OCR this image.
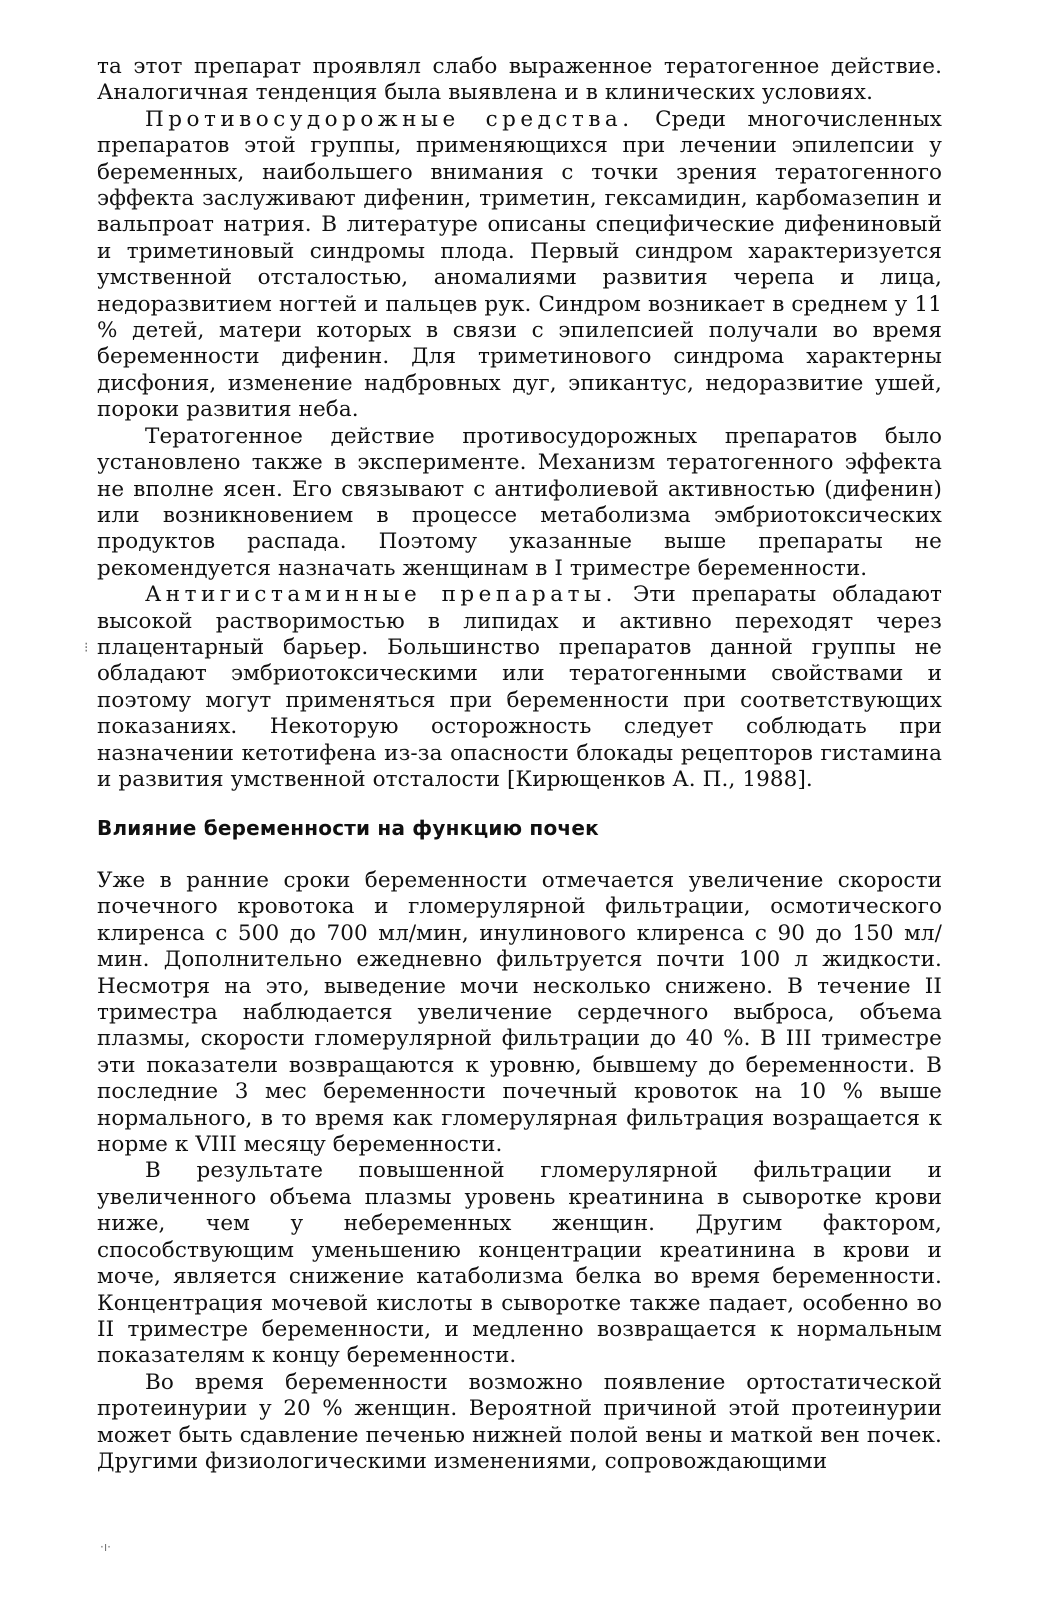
та этот препарат проявлял слабо выраженное тератогенное действие. Аналогичная тенденция была выявлена и в клинических условиях.

Противосудорожные средства. Среди многочисленных препаратов этой группы, применяющихся при лечении эпилепсии у беременных, наибольшего внимания с точки зрения тератогенного эффекта заслуживают дифенин, триметин, гексамидин, карбомазепин и вальпроат натрия. В литературе описаны специфические дифениновый и триметиновый синдромы плода. Первый синдром характеризуется умственной отсталостью, аномалиями развития черепа и лица, недоразвитием ногтей и пальцев рук. Синдром возникает в среднем у 11 % детей, матери которых в связи с эпилепсией получали во время беременности дифенин. Для триметинового синдрома характерны дисфония, изменение надбровных дуг, эпикантус, недоразвитие ушей, пороки развития неба.

Тератогенное действие противосудорожных препаратов было установлено также в эксперименте. Механизм тератогенного эффекта не вполне ясен. Его связывают с антифолиевой активностью (дифенин) или возникновением в процессе метаболизма эмбриотоксических продуктов распада. Поэтому указанные выше препараты не рекомендуется назначать женщинам в I триместре беременности.

Антигистаминные препараты. Эти препараты обладают высокой растворимостью в липидах и активно переходят через плацентарный барьер. Большинство препаратов данной группы не обладают эмбриотоксическими или тератогенными свойствами и поэтому могут применяться при беременности при соответствующих показаниях. Некоторую осторожность следует соблюдать при назначении кетотифена из-за опасности блокады рецепторов гистамина и развития умственной отсталости [Кирющенков А. П., 1988].

Влияние беременности на функцию почек

Уже в ранние сроки беременности отмечается увеличение скорости почечного кровотока и гломерулярной фильтрации, осмотического клиренса с 500 до 700 мл/мин, инулинового клиренса с 90 до 150 мл/мин. Дополнительно ежедневно фильтруется почти 100 л жидкости. Несмотря на это, выведение мочи несколько снижено. В течение II триместра наблюдается увеличение сердечного выброса, объема плазмы, скорости гломерулярной фильтрации до 40 %. В III триместре эти показатели возвращаются к уровню, бывшему до беременности. В последние 3 мес беременности почечный кровоток на 10 % выше нормального, в то время как гломерулярная фильтрация возращается к норме к VIII месяцу беременности.

В результате повышенной гломерулярной фильтрации и увеличенного объема плазмы уровень креатинина в сыворотке крови ниже, чем у небеременных женщин. Другим фактором, способствующим уменьшению концентрации креатинина в крови и моче, является снижение катаболизма белка во время беременности. Концентрация мочевой кислоты в сыворотке также падает, особенно во II триместре беременности, и медленно возвращается к нормальным показателям к концу беременности.

Во время беременности возможно появление ортостатической протеинурии у 20 % женщин. Вероятной причиной этой протеинурии может быть сдавление печенью нижней полой вены и маткой вен почек. Другими физиологическими изменениями, сопровождающими

⁝
·ı·
